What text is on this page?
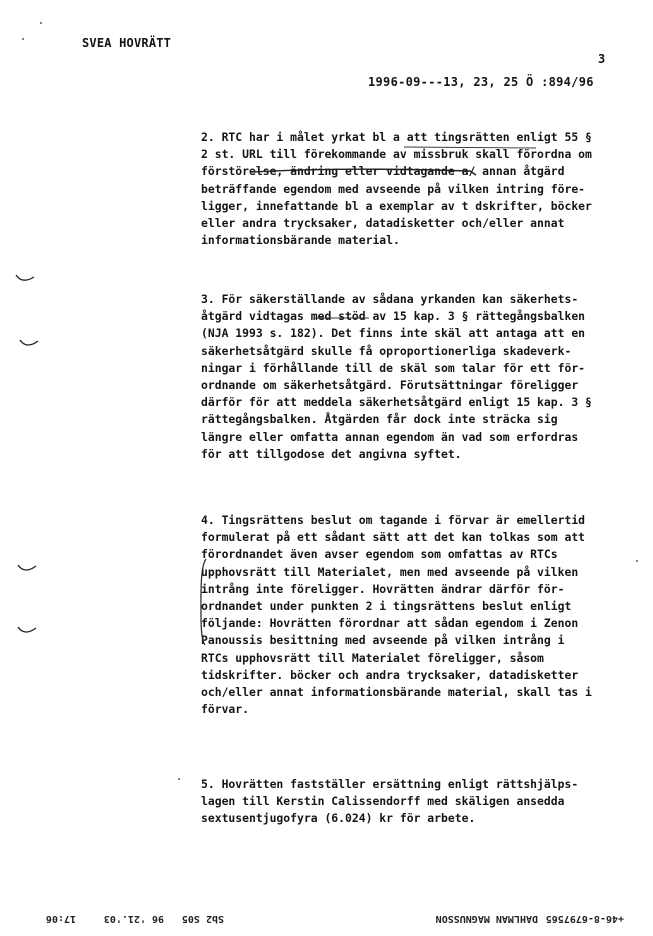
SVEA HOVRÄTT
3
1996-09---13, 23, 25 Ö :894/96
2. RTC har i målet yrkat bl a att tingsrätten enligt 55 §
2 st. URL till förekommande av missbruk skall förordna om
förstörelse, ändring eller vidtagande a/ annan åtgärd
beträffande egendom med avseende på vilken intring före-
ligger, innefattande bl a exemplar av t dskrifter, böcker
eller andra trycksaker, datadisketter och/eller annat
informationsbärande material.
3. För säkerställande av sådana yrkanden kan säkerhets-
åtgärd vidtagas med stöd av 15 kap. 3 § rättegångsbalken
(NJA 1993 s. 182). Det finns inte skäl att antaga att en
säkerhetsåtgärd skulle få oproportionerliga skadeverk-
ningar i förhållande till de skäl som talar för ett för-
ordnande om säkerhetsåtgärd. Förutsättningar föreligger
därför för att meddela säkerhetsåtgärd enligt 15 kap. 3 §
rättegångsbalken. Åtgärden får dock inte sträcka sig
längre eller omfatta annan egendom än vad som erfordras
för att tillgodose det angivna syftet.
4. Tingsrättens beslut om tagande i förvar är emellertid
formulerat på ett sådant sätt att det kan tolkas som att
förordnandet även avser egendom som omfattas av RTCs
upphovsrätt till Materialet, men med avseende på vilken
intrång inte föreligger. Hovrätten ändrar därför för-
ordnandet under punkten 2 i tingsrättens beslut enligt
följande: Hovrätten förordnar att sådan egendom i Zenon
Panoussis besittning med avseende på vilken intrång i
RTCs upphovsrätt till Materialet föreligger, såsom
tidskrifter. böcker och andra trycksaker, datadisketter
och/eller annat informationsbärande material, skall tas i
förvar.
5. Hovrätten fastställer ersättning enligt rättshjälps-
lagen till Kerstin Calissendorff med skäligen ansedda
sextusentjugofyra (6.024) kr för arbete.
+46-8-6797565
DAHLMAN MAGNUSSON
Sb2 S05
96 '21.'03
17:06
